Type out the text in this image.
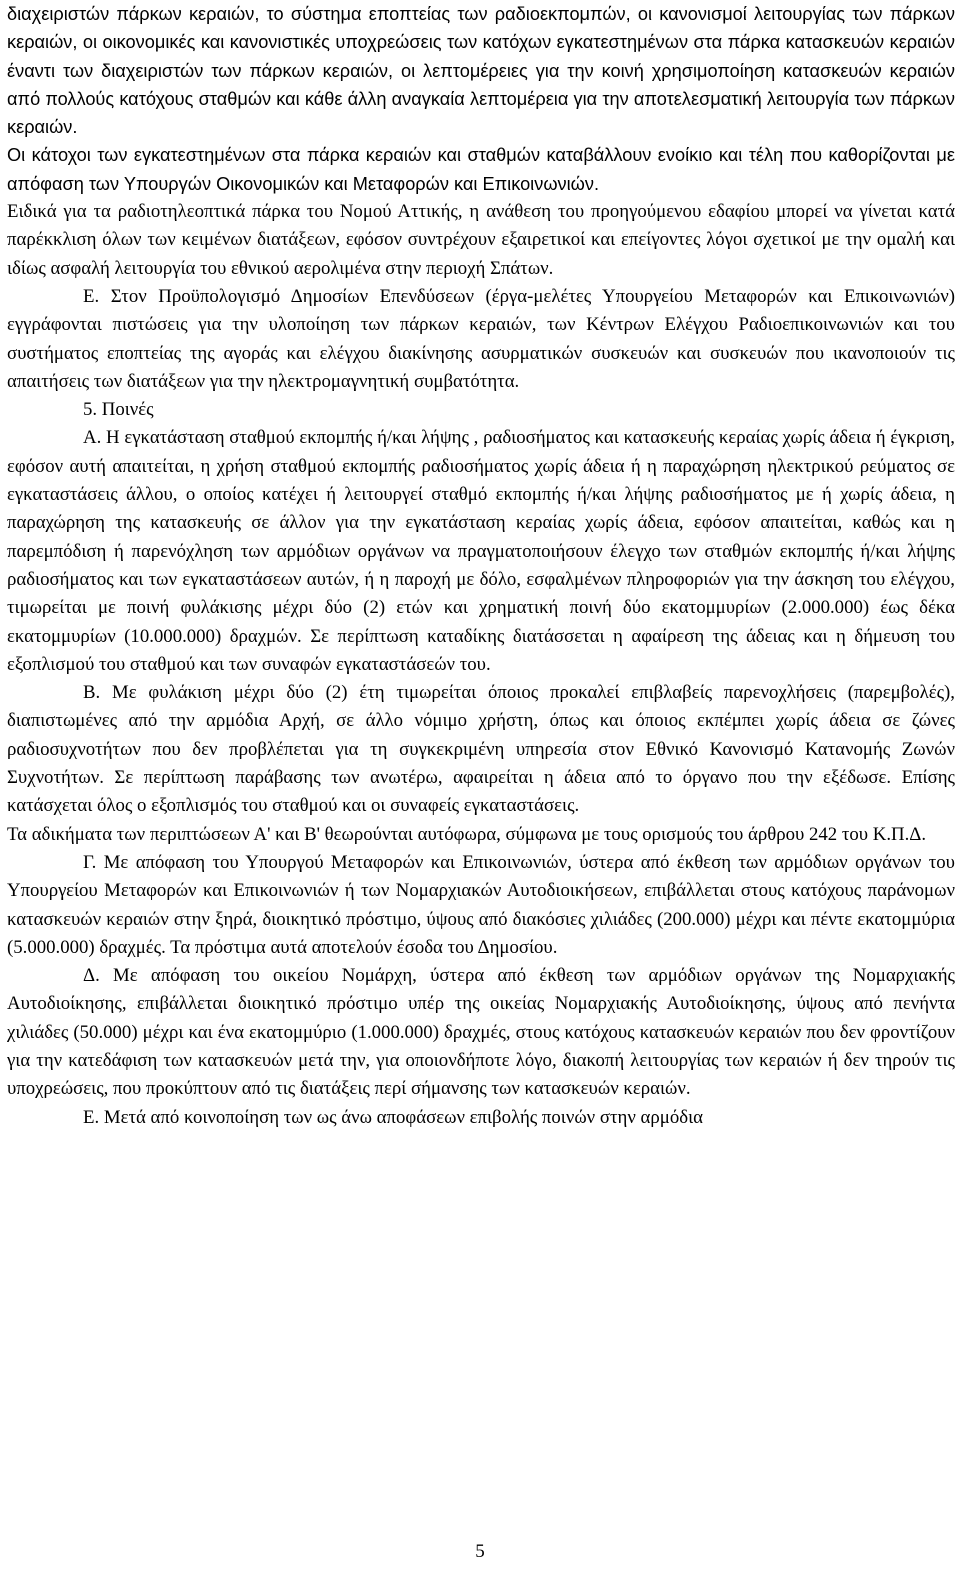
διαχειριστών πάρκων κεραιών, το σύστημα εποπτείας των ραδιοεκπομπών, οι κανονισμοί λειτουργίας των πάρκων κεραιών, οι οικονομικές και κανονιστικές υποχρεώσεις των κατόχων εγκατεστημένων στα πάρκα κατασκευών κεραιών έναντι των διαχειριστών των πάρκων κεραιών, οι λεπτομέρειες για την κοινή χρησιμοποίηση κατασκευών κεραιών από πολλούς κατόχους σταθμών και κάθε άλλη αναγκαία λεπτομέρεια για την αποτελεσματική λειτουργία των πάρκων κεραιών.
Οι κάτοχοι των εγκατεστημένων στα πάρκα κεραιών και σταθμών καταβάλλουν ενοίκιο και τέλη που καθορίζονται με απόφαση των Υπουργών Οικονομικών και Μεταφορών και Επικοινωνιών.
Ειδικά για τα ραδιοτηλεοπτικά πάρκα του Νομού Αττικής, η ανάθεση του προηγούμενου εδαφίου μπορεί να γίνεται κατά παρέκκλιση όλων των κειμένων διατάξεων, εφόσον συντρέχουν εξαιρετικοί και επείγοντες λόγοι σχετικοί με την ομαλή και ιδίως ασφαλή λειτουργία του εθνικού αερολιμένα στην περιοχή Σπάτων.
Ε. Στον Προϋπολογισμό Δημοσίων Επενδύσεων (έργα-μελέτες Υπουργείου Μεταφορών και Επικοινωνιών) εγγράφονται πιστώσεις για την υλοποίηση των πάρκων κεραιών, των Κέντρων Ελέγχου Ραδιοεπικοινωνιών και του συστήματος εποπτείας της αγοράς και ελέγχου διακίνησης ασυρματικών συσκευών και συσκευών που ικανοποιούν τις απαιτήσεις των διατάξεων για την ηλεκτρομαγνητική συμβατότητα.
5. Ποινές
Α. Η εγκατάσταση σταθμού εκπομπής ή/και λήψης , ραδιοσήματος και κατασκευής κεραίας χωρίς άδεια ή έγκριση, εφόσον αυτή απαιτείται, η χρήση σταθμού εκπομπής ραδιοσήματος χωρίς άδεια ή η παραχώρηση ηλεκτρικού ρεύματος σε εγκαταστάσεις άλλου, ο οποίος κατέχει ή λειτουργεί σταθμό εκπομπής ή/και λήψης ραδιοσήματος με ή χωρίς άδεια, η παραχώρηση της κατασκευής σε άλλον για την εγκατάσταση κεραίας χωρίς άδεια, εφόσον απαιτείται, καθώς και η παρεμπόδιση ή παρενόχληση των αρμόδιων οργάνων να πραγματοποιήσουν έλεγχο των σταθμών εκπομπής ή/και λήψης ραδιοσήματος και των εγκαταστάσεων αυτών, ή η παροχή με δόλο, εσφαλμένων πληροφοριών για την άσκηση του ελέγχου, τιμωρείται με ποινή φυλάκισης μέχρι δύο (2) ετών και χρηματική ποινή δύο εκατομμυρίων (2.000.000) έως δέκα εκατομμυρίων (10.000.000) δραχμών. Σε περίπτωση καταδίκης διατάσσεται η αφαίρεση της άδειας και η δήμευση του εξοπλισμού του σταθμού και των συναφών εγκαταστάσεών του.
Β. Με φυλάκιση μέχρι δύο (2) έτη τιμωρείται όποιος προκαλεί επιβλαβείς παρενοχλήσεις (παρεμβολές), διαπιστωμένες από την αρμόδια Αρχή, σε άλλο νόμιμο χρήστη, όπως και όποιος εκπέμπει χωρίς άδεια σε ζώνες ραδιοσυχνοτήτων που δεν προβλέπεται για τη συγκεκριμένη υπηρεσία στον Εθνικό Κανονισμό Κατανομής Ζωνών Συχνοτήτων. Σε περίπτωση παράβασης των ανωτέρω, αφαιρείται η άδεια από το όργανο που την εξέδωσε. Επίσης κατάσχεται όλος ο εξοπλισμός του σταθμού και οι συναφείς εγκαταστάσεις.
Τα αδικήματα των περιπτώσεων Α' και Β' θεωρούνται αυτόφωρα, σύμφωνα με τους ορισμούς του άρθρου 242 του Κ.Π.Δ.
Γ. Με απόφαση του Υπουργού Μεταφορών και Επικοινωνιών, ύστερα από έκθεση των αρμόδιων οργάνων του Υπουργείου Μεταφορών και Επικοινωνιών ή των Νομαρχιακών Αυτοδιοικήσεων, επιβάλλεται στους κατόχους παράνομων κατασκευών κεραιών στην ξηρά, διοικητικό πρόστιμο, ύψους από διακόσιες χιλιάδες (200.000) μέχρι και πέντε εκατομμύρια (5.000.000) δραχμές. Τα πρόστιμα αυτά αποτελούν έσοδα του Δημοσίου.
Δ. Με απόφαση του οικείου Νομάρχη, ύστερα από έκθεση των αρμόδιων οργάνων της Νομαρχιακής Αυτοδιοίκησης, επιβάλλεται διοικητικό πρόστιμο υπέρ της οικείας Νομαρχιακής Αυτοδιοίκησης, ύψους από πενήντα χιλιάδες (50.000) μέχρι και ένα εκατομμύριο (1.000.000) δραχμές, στους κατόχους κατασκευών κεραιών που δεν φροντίζουν για την κατεδάφιση των κατασκευών μετά την, για οποιονδήποτε λόγο, διακοπή λειτουργίας των κεραιών ή δεν τηρούν τις υποχρεώσεις, που προκύπτουν από τις διατάξεις περί σήμανσης των κατασκευών κεραιών.
Ε. Μετά από κοινοποίηση των ως άνω αποφάσεων επιβολής ποινών στην αρμόδια
5
